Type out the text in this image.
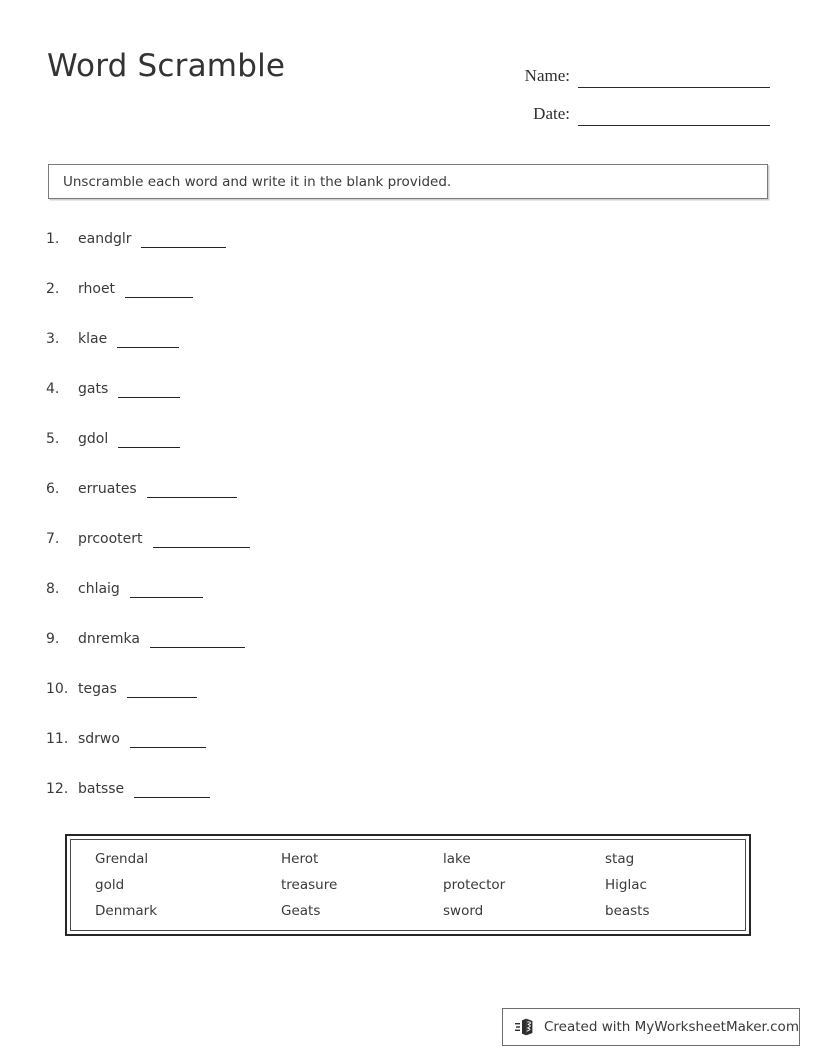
Word Scramble	Name:
Date:
Unscramble each word and write it in the blank provided.
1.	eandglr
2.	rhoet
3.	klae
4.	gats
5.	gdol
6.	erruates
7.	prcootert
8.	chlaig
9.	dnremka
10. tegas
11. sdrwo
12. batsse
Grendal	Herot	lake	stag
gold	treasure	protector	Higlac
Denmark	Geats	sword	beasts
Created with MyWorksheetMaker.com
